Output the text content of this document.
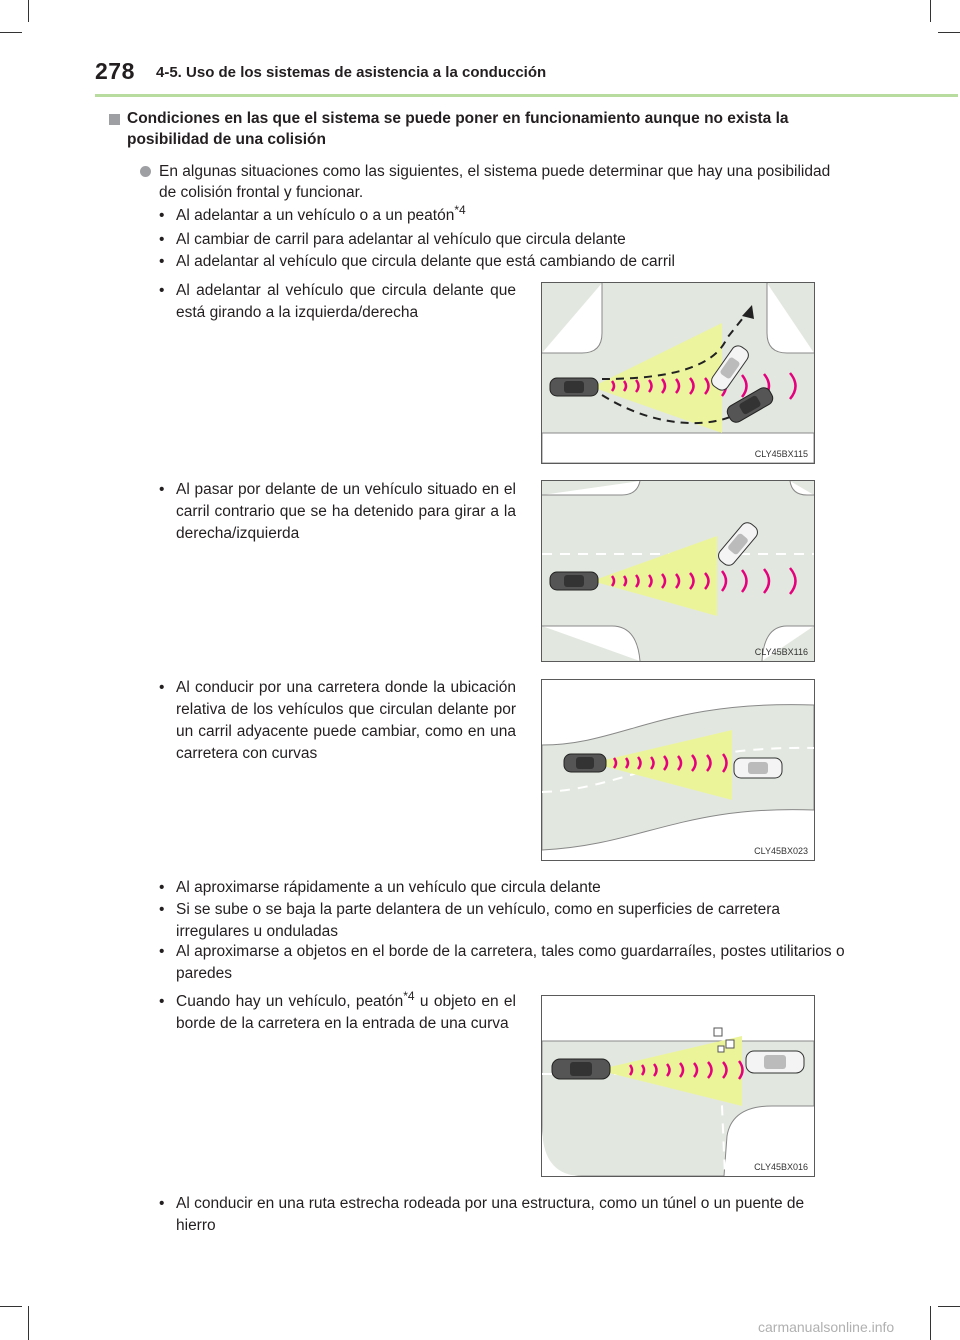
278 4-5. Uso de los sistemas de asistencia a la conducción
Condiciones en las que el sistema se puede poner en funcionamiento aunque no exista la posibilidad de una colisión
En algunas situaciones como las siguientes, el sistema puede determinar que hay una posibilidad de colisión frontal y funcionar.
• Al adelantar a un vehículo o a un peatón$^{*4}$
• Al cambiar de carril para adelantar al vehículo que circula delante
• Al adelantar al vehículo que circula delante que está cambiando de carril
• Al adelantar al vehículo que circula delante que está girando a la izquierda/derecha
CLY45BX115
• Al pasar por delante de un vehículo situado en el carril contrario que se ha detenido para girar a la derecha/izquierda
CLY45BX116
• Al conducir por una carretera donde la ubicación relativa de los vehículos que circulan delante por un carril adyacente puede cambiar, como en una carretera con curvas
CLY45BX023
• Al aproximarse rápidamente a un vehículo que circula delante
• Si se sube o se baja la parte delantera de un vehículo, como en superficies de carretera irregulares u onduladas
• Al aproximarse a objetos en el borde de la carretera, tales como guardarraíles, postes utilitarios o paredes
• Cuando hay un vehículo, peatón$^{*4}$ u objeto en el borde de la carretera en la entrada de una curva
CLY45BX016
• Al conducir en una ruta estrecha rodeada por una estructura, como un túnel o un puente de hierro
carmanualsonline.info
